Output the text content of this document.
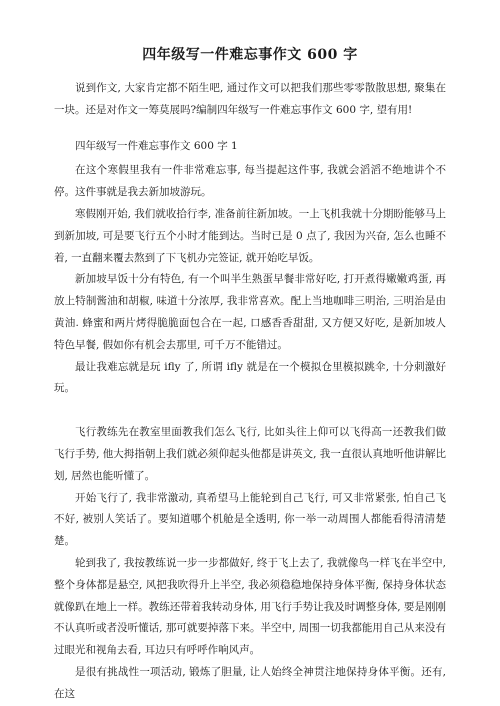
四年级写一件难忘事作文 600 字

说到作文, 大家肯定都不陌生吧, 通过作文可以把我们那些零零散散思想, 聚集在一块。还是对作文一筹莫展吗?编制四年级写一件难忘事作文 600 字, 望有用!

四年级写一件难忘事作文 600 字 1

在这个寒假里我有一件非常难忘事, 每当提起这件事, 我就会滔滔不绝地讲个不停。这件事就是我去新加坡游玩。

寒假刚开始, 我们就收拾行李, 准备前往新加坡。一上飞机我就十分期盼能够马上到新加坡, 可是要飞行五个小时才能到达。当时已是 0 点了, 我因为兴奋, 怎么也睡不着, 一直翻来覆去熬到了下飞机办完签证, 就开始吃早饭。

新加坡早饭十分有特色, 有一个叫半生熟蛋早餐非常好吃, 打开煮得嫩嫩鸡蛋, 再放上特制酱油和胡椒, 味道十分浓厚, 我非常喜欢。配上当地咖啡三明治, 三明治是由黄油. 蜂蜜和两片烤得脆脆面包合在一起, 口感香香甜甜, 又方便又好吃, 是新加坡人特色早餐, 假如你有机会去那里, 可千万不能错过。

最让我难忘就是玩 ifly 了, 所谓 ifly 就是在一个模拟仓里模拟跳伞, 十分刺激好玩。

飞行教练先在教室里面教我们怎么飞行, 比如头往上仰可以飞得高一还教我们做飞行手势, 他大拇指朝上我们就必须仰起头他都是讲英文, 我一直很认真地听他讲解比划, 居然也能听懂了。

开始飞行了, 我非常激动, 真希望马上能轮到自己飞行, 可又非常紧张, 怕自己飞不好, 被别人笑话了。要知道哪个机舱是全透明, 你一举一动周围人都能看得清清楚楚。

轮到我了, 我按教练说一步一步都做好, 终于飞上去了, 我就像鸟一样飞在半空中, 整个身体都是悬空, 风把我吹得升上半空, 我必须稳稳地保持身体平衡, 保持身体状态就像趴在地上一样。教练还带着我转动身体, 用飞行手势让我及时调整身体, 要是刚刚不认真听或者没听懂话, 那可就要掉落下来。半空中, 周围一切我都能用自己从来没有过眼光和视角去看, 耳边只有呼呼作响风声。

是很有挑战性一项活动, 锻炼了胆量, 让人始终全神贯注地保持身体平衡。还有, 在这
